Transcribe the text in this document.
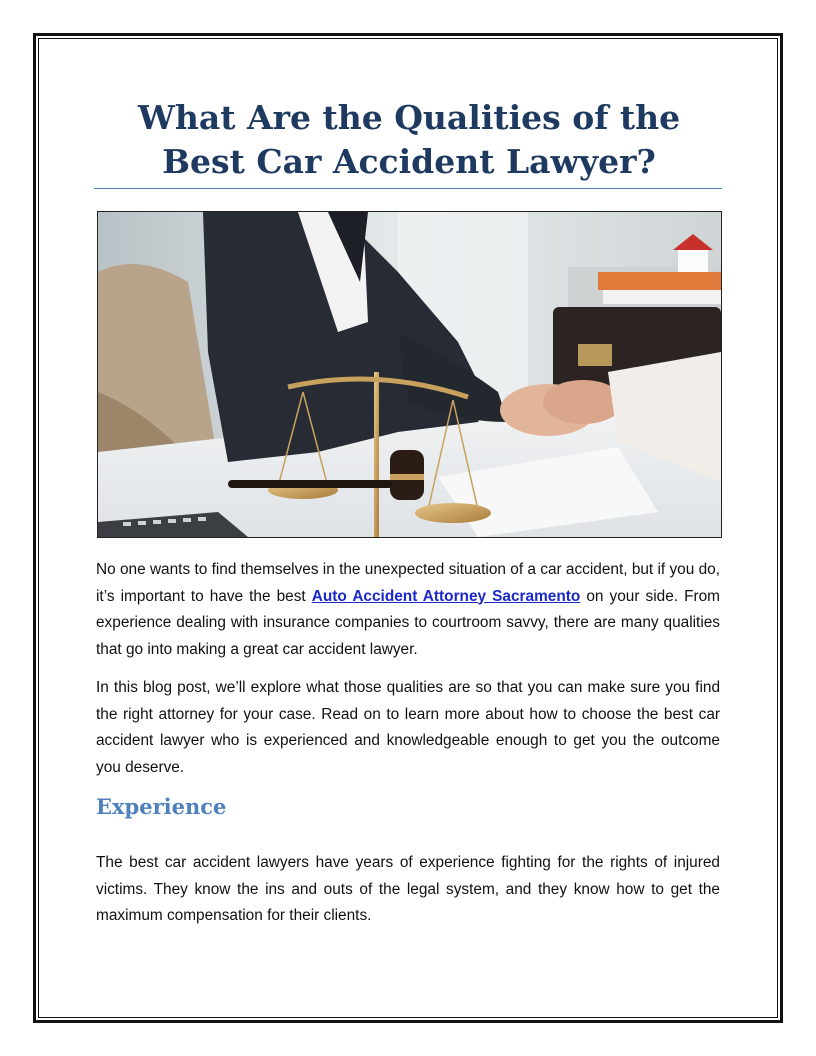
What Are the Qualities of the Best Car Accident Lawyer?

No one wants to find themselves in the unexpected situation of a car accident, but if you do, it’s important to have the best Auto Accident Attorney Sacramento on your side. From experience dealing with insurance companies to courtroom savvy, there are many qualities that go into making a great car accident lawyer.

In this blog post, we’ll explore what those qualities are so that you can make sure you find the right attorney for your case. Read on to learn more about how to choose the best car accident lawyer who is experienced and knowledgeable enough to get you the outcome you deserve.

Experience

The best car accident lawyers have years of experience fighting for the rights of injured victims. They know the ins and outs of the legal system, and they know how to get the maximum compensation for their clients.
